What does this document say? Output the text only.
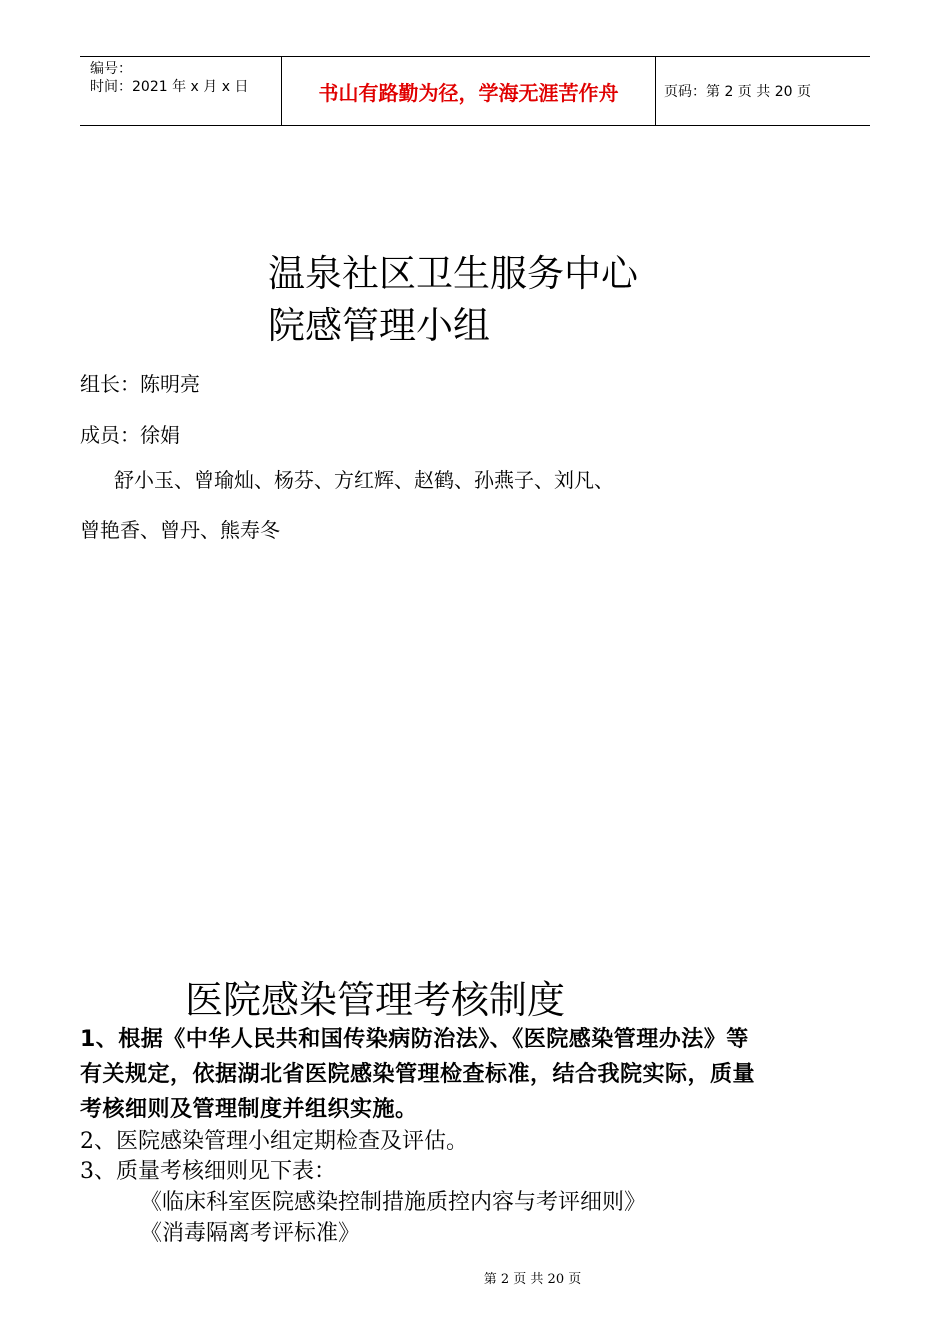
编号：
时间：2021 年 x 月 x 日	书山有路勤为径，学海无涯苦作舟	页码：第 2 页 共 20 页
温泉社区卫生服务中心
院感管理小组
组长：陈明亮
成员：徐娟
舒小玉、曾瑜灿、杨芬、方红辉、赵鹤、孙燕子、刘凡、
曾艳香、曾丹、熊寿冬
医院感染管理考核制度
1、根据《中华人民共和国传染病防治法》、《医院感染管理办法》等
有关规定，依据湖北省医院感染管理检查标准，结合我院实际，质量
考核细则及管理制度并组织实施。
2、医院感染管理小组定期检查及评估。
3、质量考核细则见下表：
《临床科室医院感染控制措施质控内容与考评细则》
《消毒隔离考评标准》
第 2 页 共 20 页
